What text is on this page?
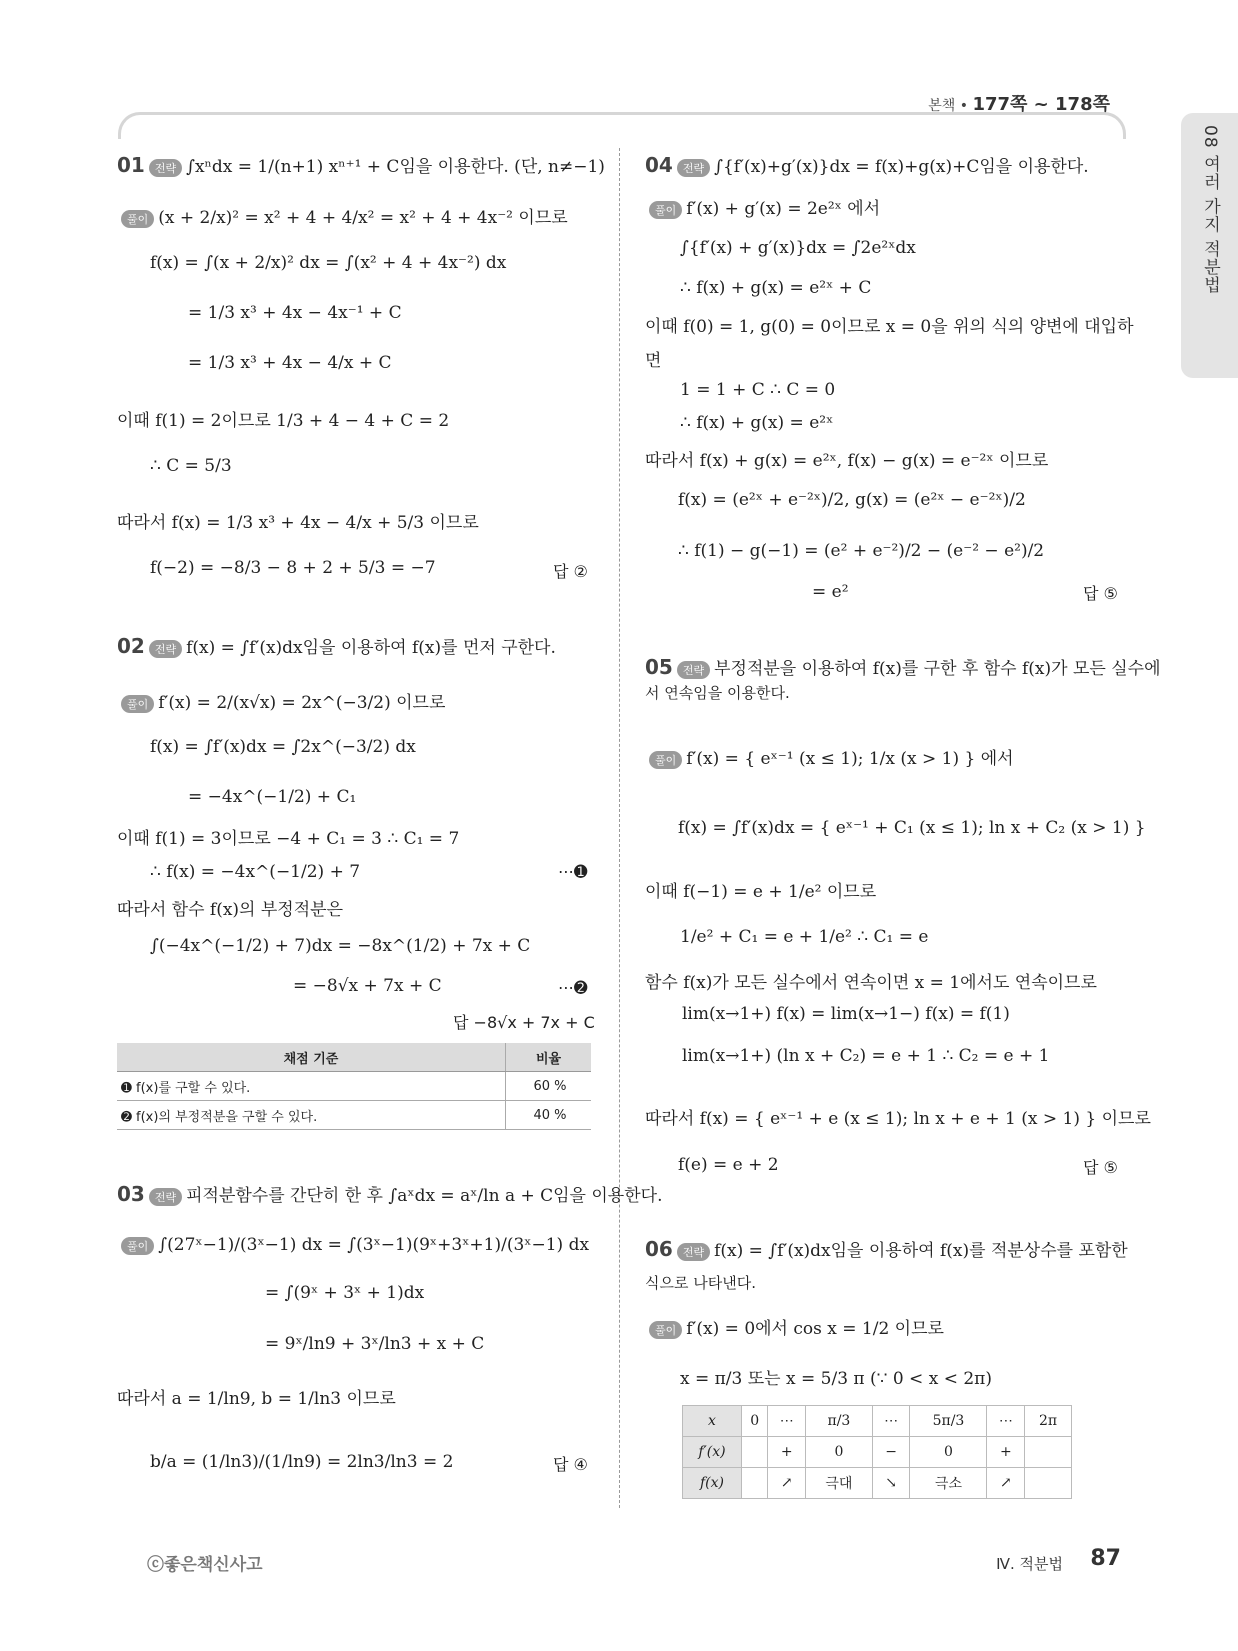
본책 • 177쪽 ~ 178쪽
08 여러 가지 적분법
01 전략 ∫xⁿdx = 1/(n+1) xⁿ⁺¹ + C임을 이용한다. (단, n≠−1)
풀이 (x + 2/x)² = x² + 4 + 4/x² = x² + 4 + 4x⁻² 이므로
f(x) = ∫(x + 2/x)² dx = ∫(x² + 4 + 4x⁻²) dx
= 1/3 x³ + 4x − 4x⁻¹ + C
= 1/3 x³ + 4x − 4/x + C
이때 f(1) = 2이므로 1/3 + 4 − 4 + C = 2
∴ C = 5/3
따라서 f(x) = 1/3 x³ + 4x − 4/x + 5/3 이므로
f(−2) = −8/3 − 8 + 2 + 5/3 = −7	답 ②
02 전략 f(x) = ∫f′(x)dx임을 이용하여 f(x)를 먼저 구한다.
풀이 f′(x) = 2/(x√x) = 2x^(−3/2) 이므로
f(x) = ∫f′(x)dx = ∫2x^(−3/2) dx
= −4x^(−1/2) + C₁
이때 f(1) = 3이므로 −4 + C₁ = 3 ∴ C₁ = 7
∴ f(x) = −4x^(−1/2) + 7	⋯➊
따라서 함수 f(x)의 부정적분은
∫(−4x^(−1/2) + 7)dx = −8x^(1/2) + 7x + C
= −8√x + 7x + C	⋯➋
답 −8√x + 7x + C
채점 기준	비율
➊ f(x)를 구할 수 있다.	60 %
➋ f(x)의 부정적분을 구할 수 있다.	40 %
03 전략 피적분함수를 간단히 한 후 ∫aˣdx = aˣ/ln a + C임을 이용한다.
풀이 ∫(27ˣ−1)/(3ˣ−1) dx = ∫(3ˣ−1)(9ˣ+3ˣ+1)/(3ˣ−1) dx
= ∫(9ˣ + 3ˣ + 1)dx
= 9ˣ/ln9 + 3ˣ/ln3 + x + C
따라서 a = 1/ln9, b = 1/ln3 이므로
b/a = (1/ln3)/(1/ln9) = 2ln3/ln3 = 2	답 ④
04 전략 ∫{f′(x)+g′(x)}dx = f(x)+g(x)+C임을 이용한다.
풀이 f′(x) + g′(x) = 2e²ˣ 에서
∫{f′(x) + g′(x)}dx = ∫2e²ˣdx
∴ f(x) + g(x) = e²ˣ + C
이때 f(0) = 1, g(0) = 0이므로 x = 0을 위의 식의 양변에 대입하
면
1 = 1 + C ∴ C = 0
∴ f(x) + g(x) = e²ˣ
따라서 f(x) + g(x) = e²ˣ, f(x) − g(x) = e⁻²ˣ 이므로
f(x) = (e²ˣ + e⁻²ˣ)/2, g(x) = (e²ˣ − e⁻²ˣ)/2
∴ f(1) − g(−1) = (e² + e⁻²)/2 − (e⁻² − e²)/2
= e²	답 ⑤
05 전략 부정적분을 이용하여 f(x)를 구한 후 함수 f(x)가 모든 실수에
서 연속임을 이용한다.
풀이 f′(x) = { eˣ⁻¹ (x ≤ 1); 1/x (x > 1) } 에서
f(x) = ∫f′(x)dx = { eˣ⁻¹ + C₁ (x ≤ 1); ln x + C₂ (x > 1) }
이때 f(−1) = e + 1/e² 이므로
1/e² + C₁ = e + 1/e² ∴ C₁ = e
함수 f(x)가 모든 실수에서 연속이면 x = 1에서도 연속이므로
lim(x→1+) f(x) = lim(x→1−) f(x) = f(1)
lim(x→1+) (ln x + C₂) = e + 1 ∴ C₂ = e + 1
따라서 f(x) = { eˣ⁻¹ + e (x ≤ 1); ln x + e + 1 (x > 1) } 이므로
f(e) = e + 2	답 ⑤
06 전략 f(x) = ∫f′(x)dx임을 이용하여 f(x)를 적분상수를 포함한
식으로 나타낸다.
풀이 f′(x) = 0에서 cos x = 1/2 이므로
x = π/3 또는 x = 5/3 π (∵ 0 < x < 2π)
x	0	⋯	π/3	⋯	5π/3	⋯	2π
f′(x)		+	0	−	0	+	
f(x)		↗	극대	↘	극소	↗	
ⓒ좋은책신사고	Ⅳ. 적분법 87
